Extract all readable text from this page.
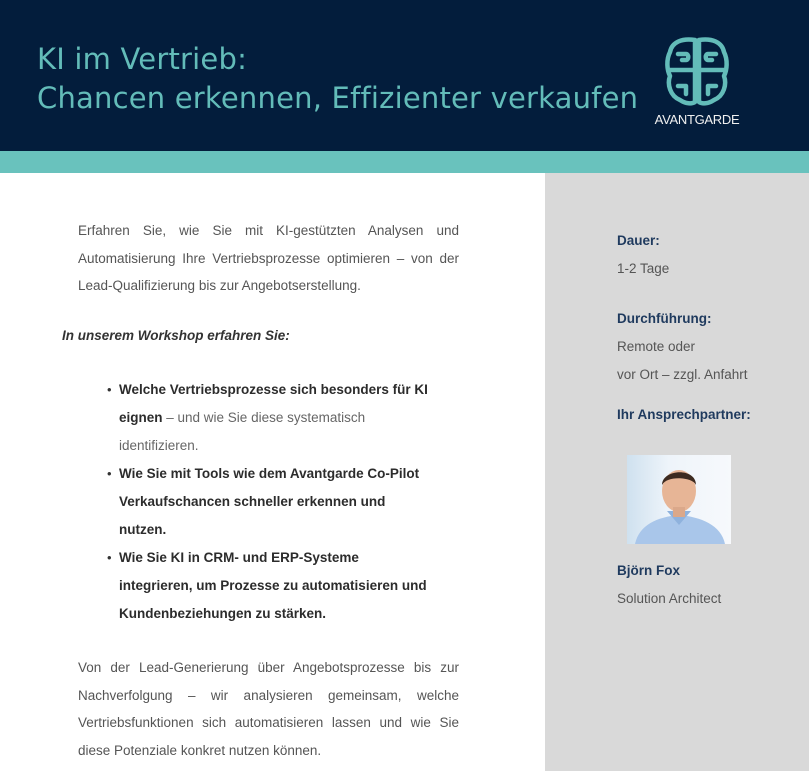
KI im Vertrieb:
Chancen erkennen, Effizienter verkaufen
AVANTGARDE
Erfahren Sie, wie Sie mit KI-gestützten Analysen und Automatisierung Ihre Vertriebsprozesse optimieren – von der Lead-Qualifizierung bis zur Angebotserstellung.
In unserem Workshop erfahren Sie:
• Welche Vertriebsprozesse sich besonders für KI eignen – und wie Sie diese systematisch identifizieren.
• Wie Sie mit Tools wie dem Avantgarde Co-Pilot Verkaufschancen schneller erkennen und nutzen.
• Wie Sie KI in CRM- und ERP-Systeme integrieren, um Prozesse zu automatisieren und Kundenbeziehungen zu stärken.
Von der Lead-Generierung über Angebotsprozesse bis zur Nachverfolgung – wir analysieren gemeinsam, welche Vertriebsfunktionen sich automatisieren lassen und wie Sie diese Potenziale konkret nutzen können.
Dauer:
1-2 Tage
Durchführung:
Remote oder
vor Ort – zzgl. Anfahrt
Ihr Ansprechpartner:
Björn Fox
Solution Architect
